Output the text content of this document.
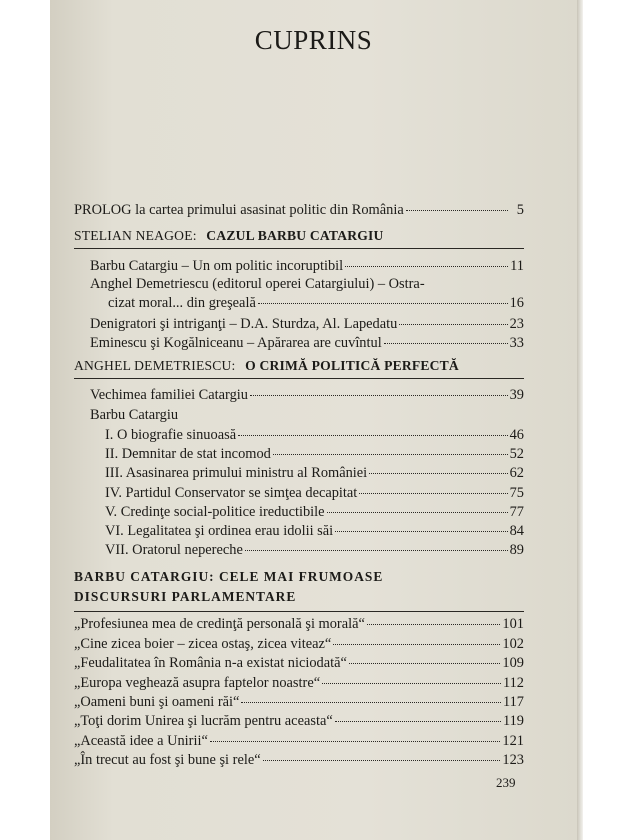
CUPRINS
PROLOG la cartea primului asasinat politic din România	5
STELIAN NEAGOE: CAZUL BARBU CATARGIU
Barbu Catargiu – Un om politic incoruptibil	11
Anghel Demetriescu (editorul operei Catargiului) – Ostra-
cizat moral... din greşeală	16
Denigratori şi intriganţi – D.A. Sturdza, Al. Lapedatu	23
Eminescu şi Kogălniceanu – Apărarea are cuvîntul	33
ANGHEL DEMETRIESCU: O CRIMĂ POLITICĂ PERFECTĂ
Vechimea familiei Catargiu	39
Barbu Catargiu
I. O biografie sinuoasă	46
II. Demnitar de stat incomod	52
III. Asasinarea primului ministru al României	62
IV. Partidul Conservator se simţea decapitat	75
V. Credinţe social-politice ireductibile	77
VI. Legalitatea şi ordinea erau idolii săi	84
VII. Oratorul nepereche	89
BARBU CATARGIU: CELE MAI FRUMOASE
DISCURSURI PARLAMENTARE
„Profesiunea mea de credinţă personală şi morală“	101
„Cine zicea boier – zicea ostaş, zicea viteaz“	102
„Feudalitatea în România n-a existat niciodată“	109
„Europa veghează asupra faptelor noastre“	112
„Oameni buni şi oameni răi“	117
„Toţi dorim Unirea şi lucrăm pentru aceasta“	119
„Această idee a Unirii“	121
„În trecut au fost şi bune şi rele“	123
239
